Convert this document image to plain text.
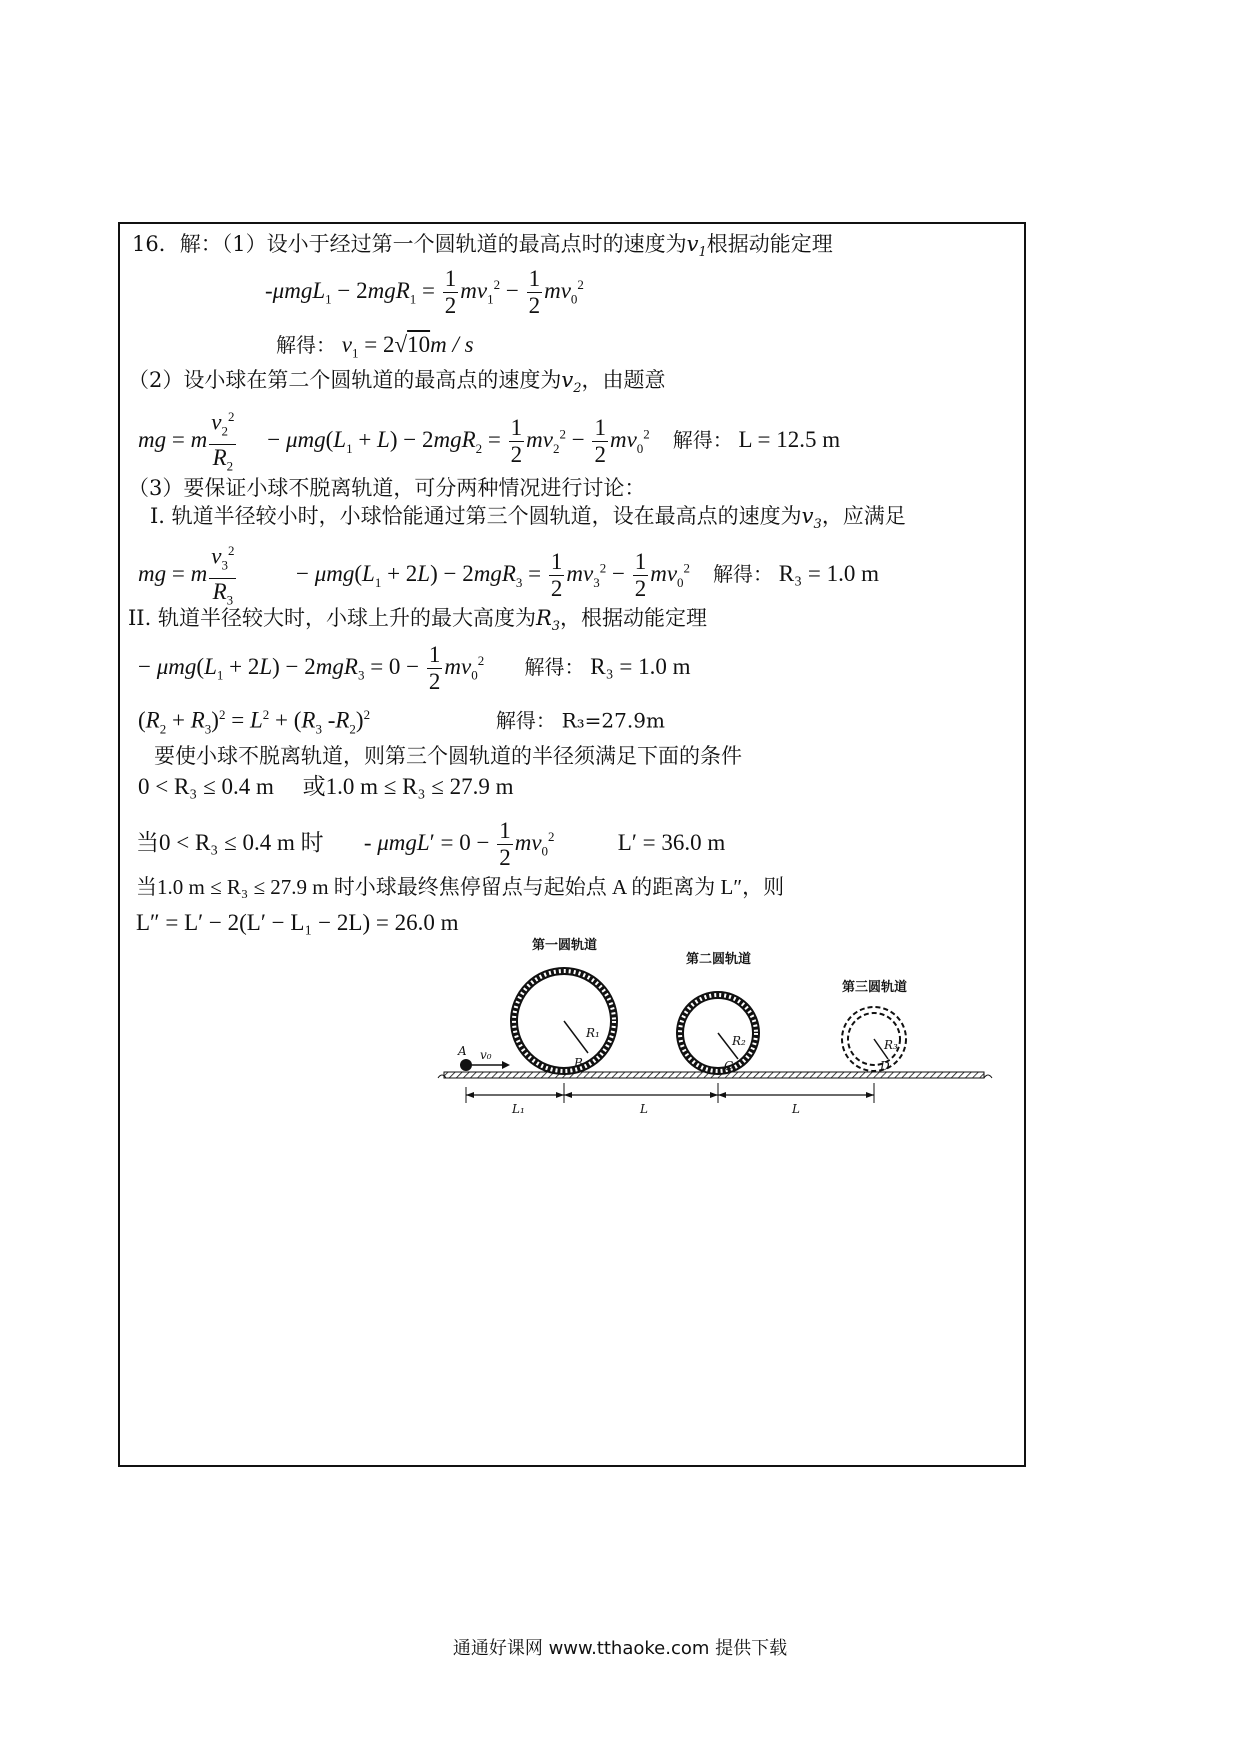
16．解：（1）设小于经过第一个圆轨道的最高点时的速度为$v_1$根据动能定理
$-\mu mgL_1 - 2mgR_1 = \frac{1}{2} mv_1^2 - \frac{1}{2} mv_0^2$
解得： $v_1 = 2√10m / s$
（2）设小球在第二个圆轨道的最高点的速度为$v_2$，由题意
mg = m $\frac{v_2^2}{R_2} - \mu mg(L_1 + L) - 2mgR_2 = \frac{1}{2} mv_2^2 - \frac{1}{2} mv_0^2$ 解得： L = 12.5 m
（3）要保证小球不脱离轨道，可分两种情况进行讨论：
I. 轨道半径较小时，小球恰能通过第三个圆轨道，设在最高点的速度为$v_3$，应满足
mg = m $\frac{v_3^2}{R_3} - \mu mg(L_1 + 2L) - 2mgR_3 = \frac{1}{2} mv_3^2 - \frac{1}{2} mv_0^2$ 解得： R₃ = 1.0 m
II. 轨道半径较大时，小球上升的最大高度为$R_3$，根据动能定理
− $\mu mg(L_1 + 2L) - 2mgR_3 = 0 - \frac{1}{2} mv_0^2$ 解得： R₃ = 1.0 m
$(R_2 + R_3)^2 = L^2 + (R_3$ $-R_2)^2$	解得： R₃=27.9m
要使小球不脱离轨道，则第三个圆轨道的半径须满足下面的条件
0 < R₃ ≤ 0.4 m　 或1.0 m ≤ R₃ ≤ 27.9 m
当0 < R₃ ≤ 0.4 m 时       - $\mu mgL' = 0 - \frac{1}{2} mv_0^2$	L′ = 36.0 m
当1.0 m ≤ R₃ ≤ 27.9 m 时小球最终焦停留点与起始点 A 的距离为 L″，则
L″ = L′ − 2(L′ − L₁ − 2L) = 26.0 m
第一圆轨道
第二圆轨道
第三圆轨道
A v₀
B	C	D
R₁
R₂	R₃
L₁	L	L
通通好课网 www.tthaoke.com 提供下载
